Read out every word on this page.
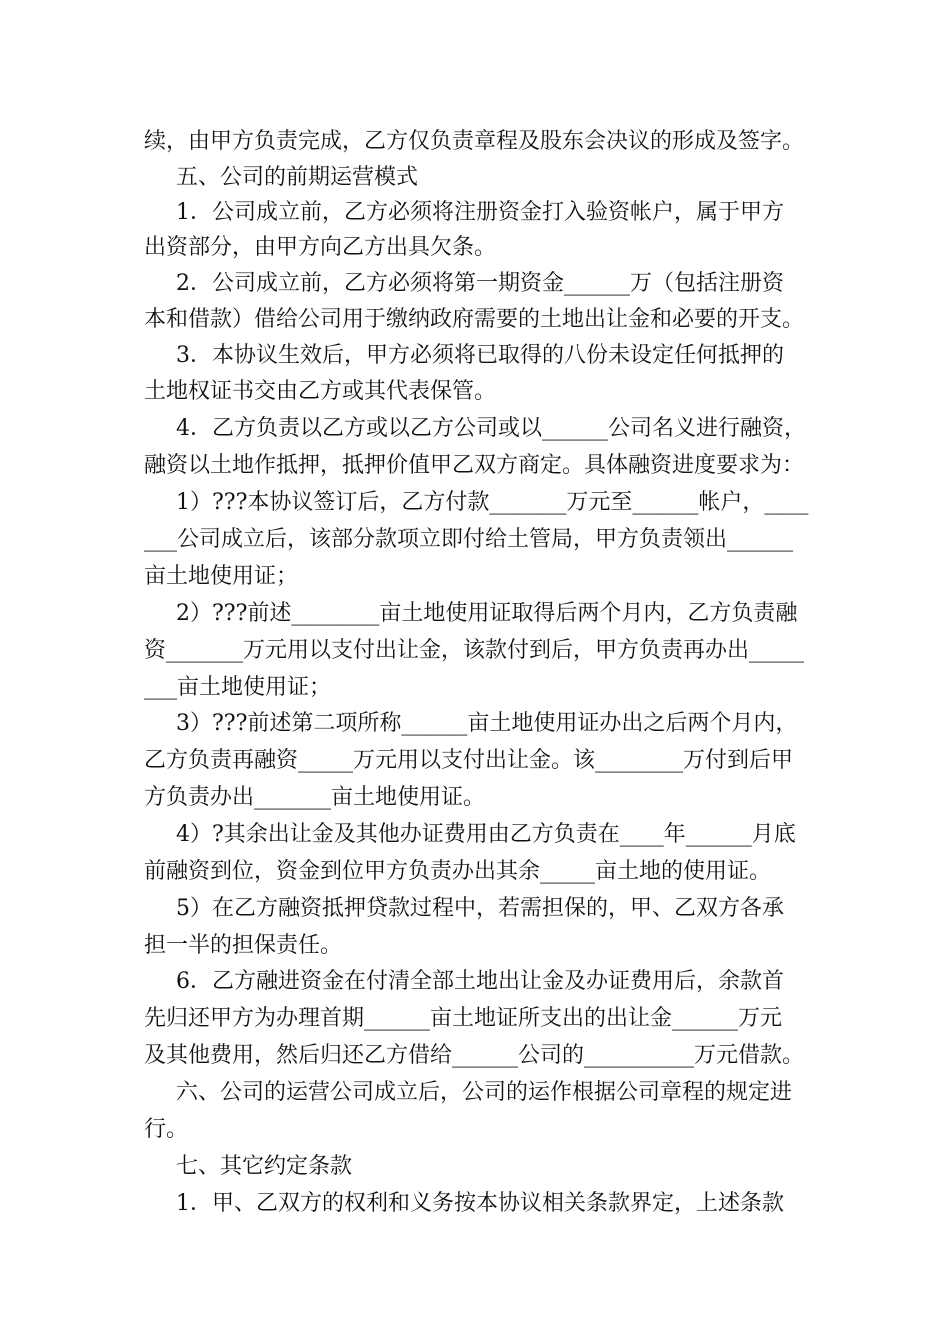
续，由甲方负责完成，乙方仅负责章程及股东会决议的形成及签字。
五、公司的前期运营模式
1．公司成立前，乙方必须将注册资金打入验资帐户，属于甲方
出资部分，由甲方向乙方出具欠条。
2．公司成立前，乙方必须将第一期资金______万（包括注册资
本和借款）借给公司用于缴纳政府需要的土地出让金和必要的开支。
3．本协议生效后，甲方必须将已取得的八份未设定任何抵押的
土地权证书交由乙方或其代表保管。
4．乙方负责以乙方或以乙方公司或以______公司名义进行融资，
融资以土地作抵押，抵押价值甲乙双方商定。具体融资进度要求为：
1）???本协议签订后，乙方付款_______万元至______帐户，____
___公司成立后，该部分款项立即付给土管局，甲方负责领出______
亩土地使用证；
2）???前述________亩土地使用证取得后两个月内，乙方负责融
资_______万元用以支付出让金，该款付到后，甲方负责再办出_____
___亩土地使用证；
3）???前述第二项所称______亩土地使用证办出之后两个月内，
乙方负责再融资_____万元用以支付出让金。该________万付到后甲
方负责办出_______亩土地使用证。
4）?其余出让金及其他办证费用由乙方负责在____年______月底
前融资到位，资金到位甲方负责办出其余_____亩土地的使用证。
5）在乙方融资抵押贷款过程中，若需担保的，甲、乙双方各承
担一半的担保责任。
6．乙方融进资金在付清全部土地出让金及办证费用后，余款首
先归还甲方为办理首期______亩土地证所支出的出让金______万元
及其他费用，然后归还乙方借给______公司的__________万元借款。
六、公司的运营公司成立后，公司的运作根据公司章程的规定进
行。
七、其它约定条款
1．甲、乙双方的权利和义务按本协议相关条款界定，上述条款
